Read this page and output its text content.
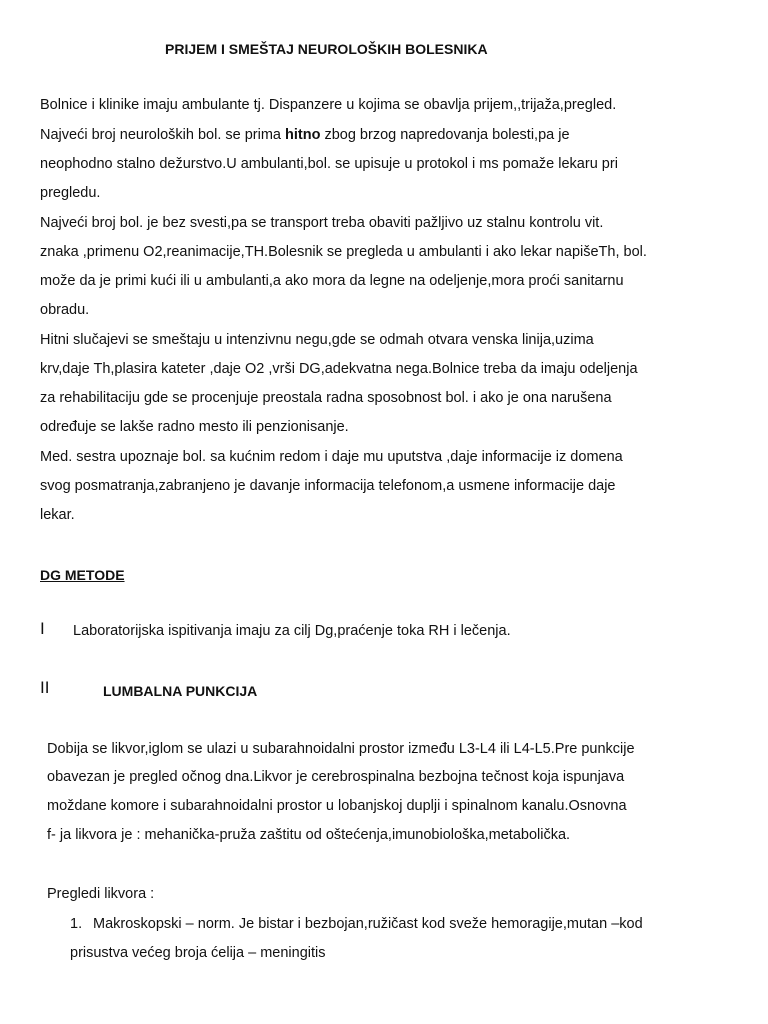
PRIJEM I SMEŠTAJ NEUROLOŠKIH BOLESNIKA
Bolnice i klinike imaju ambulante tj. Dispanzere u kojima se obavlja prijem,,trijaža,pregled.
Najveći broj neuroloških bol. se prima hitno zbog brzog napredovanja bolesti,pa je
neophodno stalno dežurstvo.U ambulanti,bol. se upisuje u protokol i ms pomaže lekaru pri
pregledu.
Najveći broj bol. je bez svesti,pa se transport treba obaviti pažljivo uz stalnu kontrolu vit.
znaka ,primenu O2,reanimacije,TH.Bolesnik se pregleda u ambulanti i ako lekar napišeTh, bol.
može da je primi kući ili u ambulanti,a ako mora da legne na odeljenje,mora proći sanitarnu
obradu.
Hitni slučajevi se smeštaju u intenzivnu negu,gde se odmah otvara venska linija,uzima
krv,daje Th,plasira kateter ,daje O2 ,vrši DG,adekvatna nega.Bolnice treba da imaju odeljenja
za rehabilitaciju gde se procenjuje preostala radna sposobnost bol. i ako je ona narušena
određuje se lakše radno mesto ili penzionisanje.
Med. sestra upoznaje bol. sa kućnim redom i daje mu uputstva ,daje informacije iz domena
svog posmatranja,zabranjeno je davanje informacija telefonom,a usmene informacije daje
lekar.
DG METODE
I Laboratorijska ispitivanja imaju za cilj Dg,praćenje toka RH i lečenja.
II	LUMBALNA PUNKCIJA
Dobija se likvor,iglom se ulazi u subarahnoidalni prostor između L3-L4 ili L4-L5.Pre punkcije
obavezan je pregled očnog dna.Likvor je cerebrospinalna bezbojna tečnost koja ispunjava
moždane komore i subarahnoidalni prostor u lobanjskoj duplji i spinalnom kanalu.Osnovna
f- ja likvora je : mehanička-pruža zaštitu od oštećenja,imunobiološka,metabolička.
Pregledi likvora :
1. Makroskopski – norm. Je bistar i bezbojan,ružičast kod sveže hemoragije,mutan –kod
prisustva većeg broja ćelija – meningitis
